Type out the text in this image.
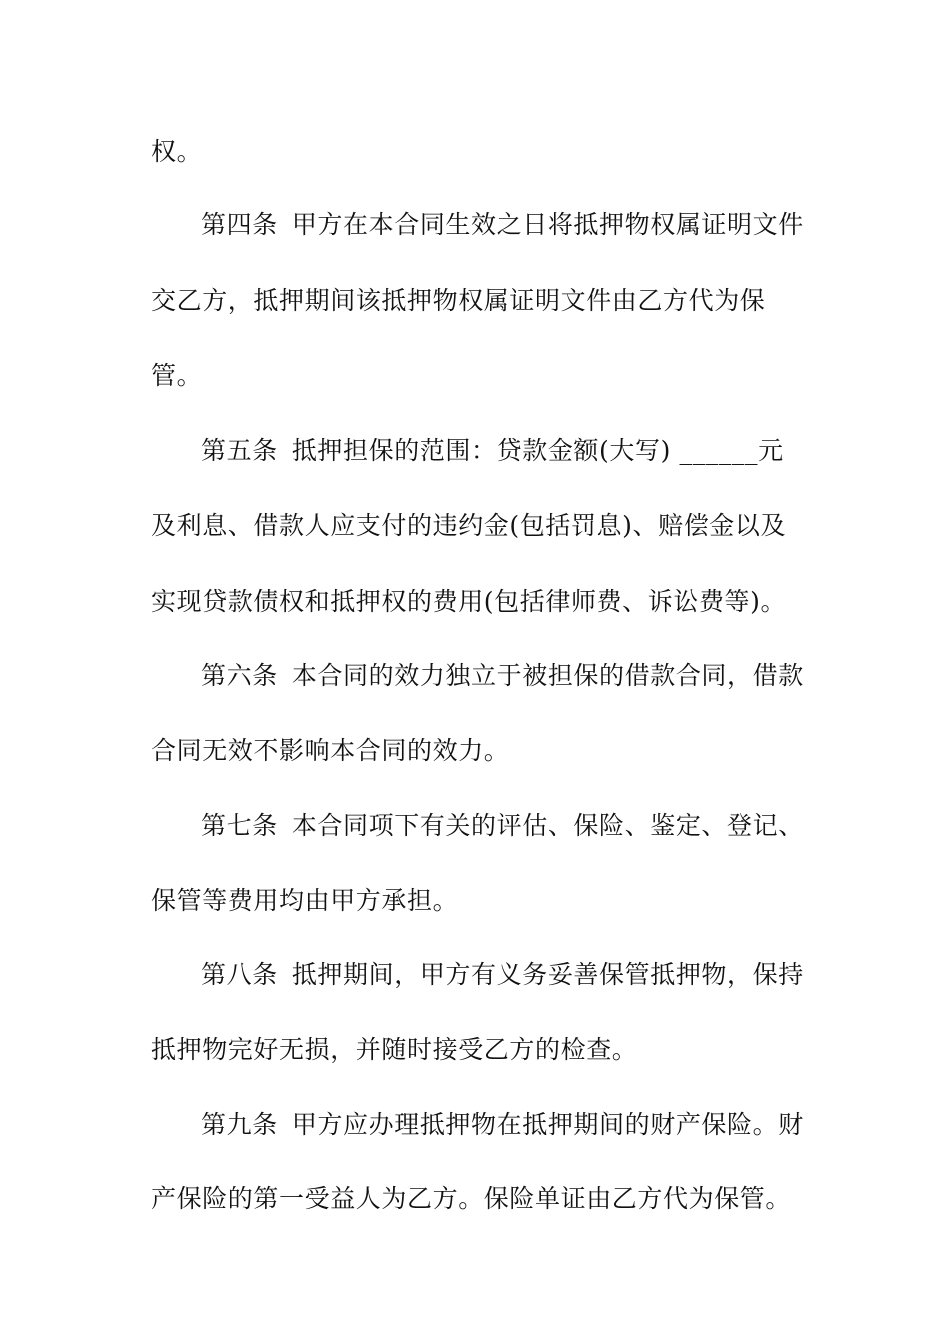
权。

第四条 甲方在本合同生效之日将抵押物权属证明文件

交乙方，抵押期间该抵押物权属证明文件由乙方代为保

管。

第五条 抵押担保的范围：贷款金额(大写) ______元

及利息、借款人应支付的违约金(包括罚息)、赔偿金以及

实现贷款债权和抵押权的费用(包括律师费、诉讼费等)。

第六条 本合同的效力独立于被担保的借款合同，借款

合同无效不影响本合同的效力。

第七条 本合同项下有关的评估、保险、鉴定、登记、

保管等费用均由甲方承担。

第八条 抵押期间，甲方有义务妥善保管抵押物，保持

抵押物完好无损，并随时接受乙方的检查。

第九条 甲方应办理抵押物在抵押期间的财产保险。财

产保险的第一受益人为乙方。保险单证由乙方代为保管。
